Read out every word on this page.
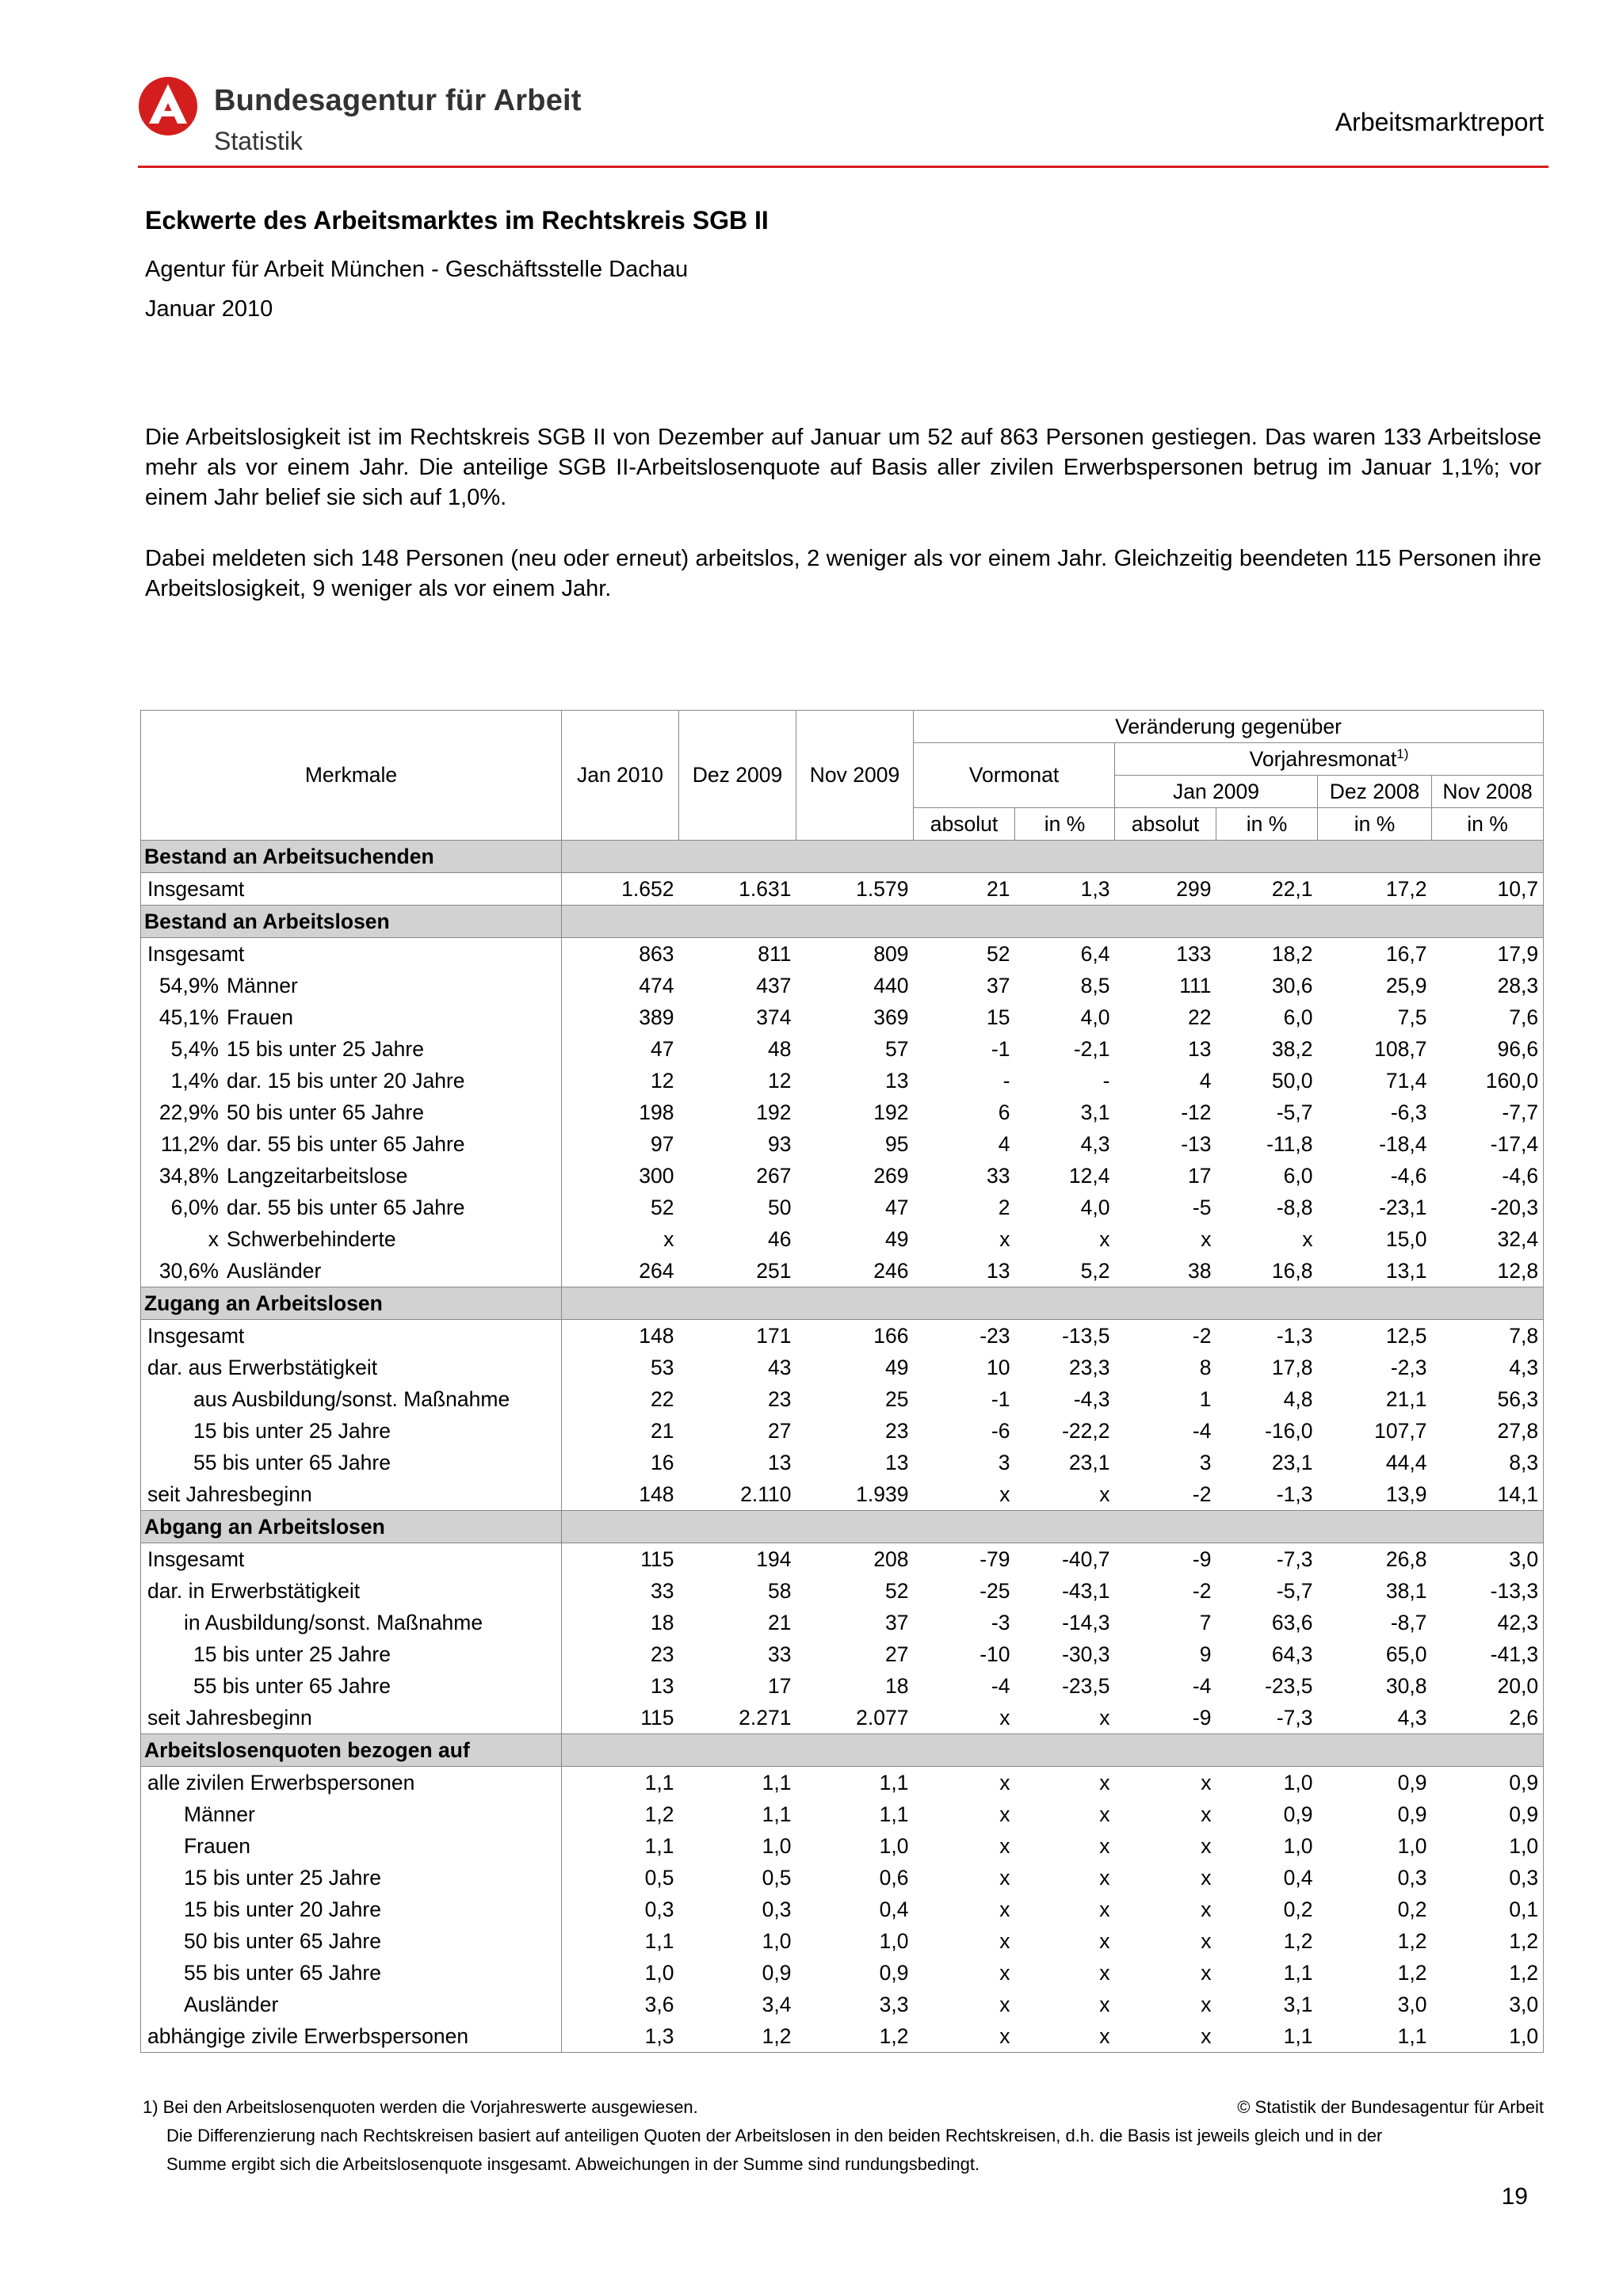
Bundesagentur für Arbeit
Statistik
Arbeitsmarktreport
Eckwerte des Arbeitsmarktes im Rechtskreis SGB II
Agentur für Arbeit München - Geschäftsstelle Dachau
Januar 2010
Die Arbeitslosigkeit ist im Rechtskreis SGB II von Dezember auf Januar um 52 auf 863 Personen gestiegen. Das waren 133 Arbeitslose mehr als vor einem Jahr. Die anteilige SGB II-Arbeitslosenquote auf Basis aller zivilen Erwerbspersonen betrug im Januar 1,1%; vor einem Jahr belief sie sich auf 1,0%.
Dabei meldeten sich 148 Personen (neu oder erneut) arbeitslos, 2 weniger als vor einem Jahr. Gleichzeitig beendeten 115 Personen ihre Arbeitslosigkeit, 9 weniger als vor einem Jahr.
Merkmale	Jan 2010	Dez 2009	Nov 2009	Veränderung gegenüber					
				Vormonat		Vorjahresmonat$^{1)}$
						Jan 2009		Dez 2008	Nov 2008
				absolut	in %	absolut	in %	in %	in %
Bestand an Arbeitsuchenden									
Insgesamt	1.652	1.631	1.579	21	1,3	299	22,1	17,2	10,7
Bestand an Arbeitslosen									
Insgesamt	863	811	809	52	6,4	133	18,2	16,7	17,9
54,9% Männer	474	437	440	37	8,5	111	30,6	25,9	28,3
45,1% Frauen	389	374	369	15	4,0	22	6,0	7,5	7,6
5,4% 15 bis unter 25 Jahre	47	48	57	-1	-2,1	13	38,2	108,7	96,6
1,4% dar. 15 bis unter 20 Jahre	12	12	13	-	-	4	50,0	71,4	160,0
22,9% 50 bis unter 65 Jahre	198	192	192	6	3,1	-12	-5,7	-6,3	-7,7
11,2% dar. 55 bis unter 65 Jahre	97	93	95	4	4,3	-13	-11,8	-18,4	-17,4
34,8% Langzeitarbeitslose	300	267	269	33	12,4	17	6,0	-4,6	-4,6
6,0% dar. 55 bis unter 65 Jahre	52	50	47	2	4,0	-5	-8,8	-23,1	-20,3
x Schwerbehinderte	x	46	49	x	x	x	x	15,0	32,4
30,6% Ausländer	264	251	246	13	5,2	38	16,8	13,1	12,8
Zugang an Arbeitslosen									
Insgesamt	148	171	166	-23	-13,5	-2	-1,3	12,5	7,8
dar. aus Erwerbstätigkeit	53	43	49	10	23,3	8	17,8	-2,3	4,3
aus Ausbildung/sonst. Maßnahme	22	23	25	-1	-4,3	1	4,8	21,1	56,3
15 bis unter 25 Jahre	21	27	23	-6	-22,2	-4	-16,0	107,7	27,8
55 bis unter 65 Jahre	16	13	13	3	23,1	3	23,1	44,4	8,3
seit Jahresbeginn	148	2.110	1.939	x	x	-2	-1,3	13,9	14,1
Abgang an Arbeitslosen									
Insgesamt	115	194	208	-79	-40,7	-9	-7,3	26,8	3,0
dar. in Erwerbstätigkeit	33	58	52	-25	-43,1	-2	-5,7	38,1	-13,3
in Ausbildung/sonst. Maßnahme	18	21	37	-3	-14,3	7	63,6	-8,7	42,3
15 bis unter 25 Jahre	23	33	27	-10	-30,3	9	64,3	65,0	-41,3
55 bis unter 65 Jahre	13	17	18	-4	-23,5	-4	-23,5	30,8	20,0
seit Jahresbeginn	115	2.271	2.077	x	x	-9	-7,3	4,3	2,6
Arbeitslosenquoten bezogen auf									
alle zivilen Erwerbspersonen	1,1	1,1	1,1	x	x	x	1,0	0,9	0,9
Männer	1,2	1,1	1,1	x	x	x	0,9	0,9	0,9
Frauen	1,1	1,0	1,0	x	x	x	1,0	1,0	1,0
15 bis unter 25 Jahre	0,5	0,5	0,6	x	x	x	0,4	0,3	0,3
15 bis unter 20 Jahre	0,3	0,3	0,4	x	x	x	0,2	0,2	0,1
50 bis unter 65 Jahre	1,1	1,0	1,0	x	x	x	1,2	1,2	1,2
55 bis unter 65 Jahre	1,0	0,9	0,9	x	x	x	1,1	1,2	1,2
Ausländer	3,6	3,4	3,3	x	x	x	3,1	3,0	3,0
abhängige zivile Erwerbspersonen	1,3	1,2	1,2	x	x	x	1,1	1,1	1,0
1) Bei den Arbeitslosenquoten werden die Vorjahreswerte ausgewiesen.	© Statistik der Bundesagentur für Arbeit
Die Differenzierung nach Rechtskreisen basiert auf anteiligen Quoten der Arbeitslosen in den beiden Rechtskreisen, d.h. die Basis ist jeweils gleich und in der
Summe ergibt sich die Arbeitslosenquote insgesamt. Abweichungen in der Summe sind rundungsbedingt.
19
